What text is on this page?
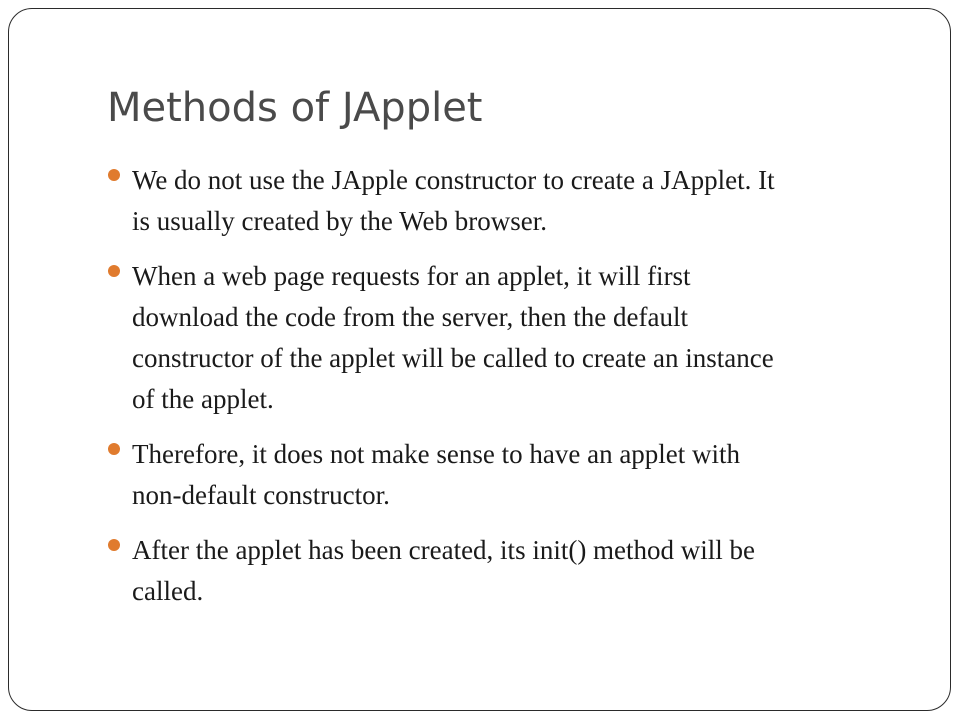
Methods of JApplet
We do not use the JApple constructor to create a JApplet. It
is usually created by the Web browser.
When a web page requests for an applet, it will first
download the code from the server, then the default
constructor of the applet will be called to create an instance
of the applet.
Therefore, it does not make sense to have an applet with
non-default constructor.
After the applet has been created, its init() method will be
called.
